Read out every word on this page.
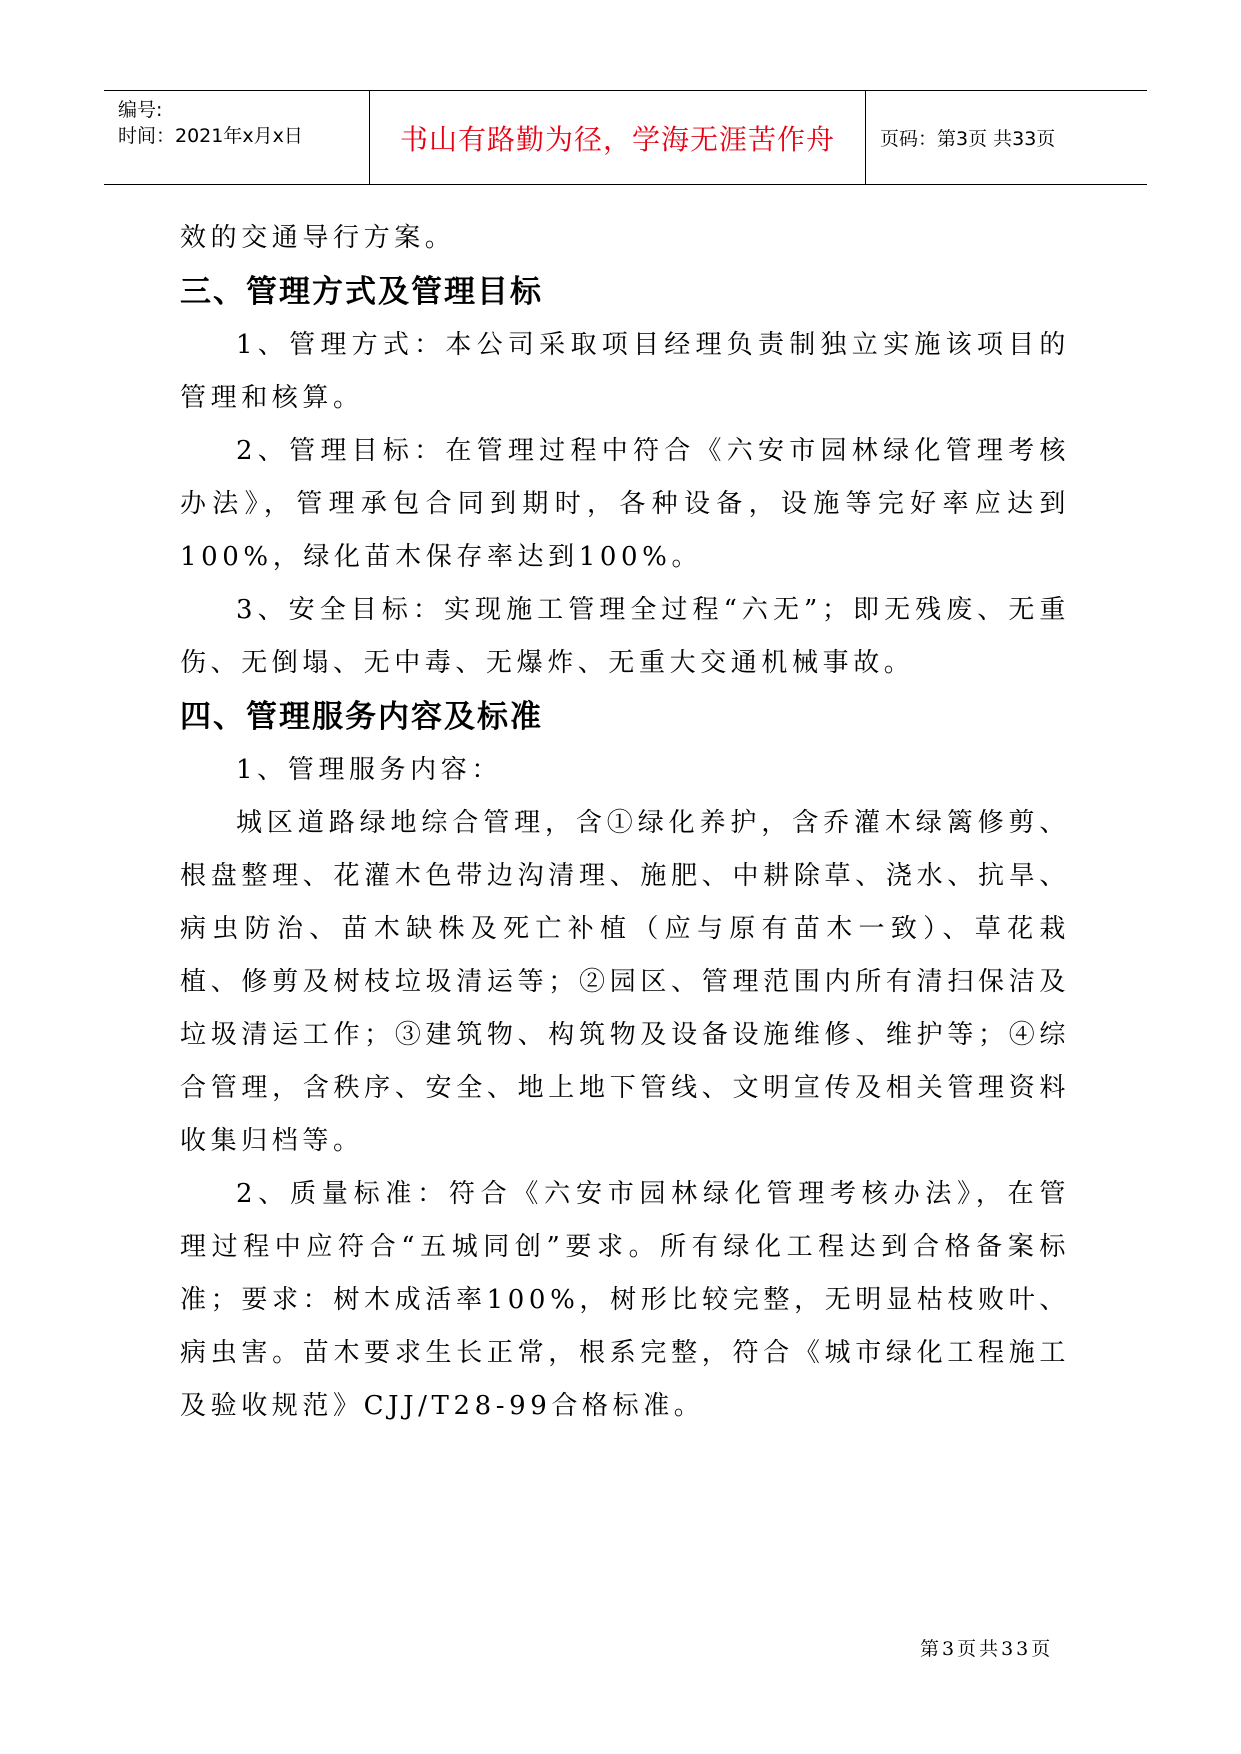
编号:
时间：2021年x月x日	书山有路勤为径，学海无涯苦作舟	页码：第3页 共33页

效的交通导行方案。

三、管理方式及管理目标

1、管理方式：本公司采取项目经理负责制独立实施该项目的管理和核算。

2、管理目标：在管理过程中符合《六安市园林绿化管理考核办法》，管理承包合同到期时，各种设备，设施等完好率应达到100%，绿化苗木保存率达到100%。

3、安全目标：实现施工管理全过程“六无”；即无残废、无重伤、无倒塌、无中毒、无爆炸、无重大交通机械事故。

四、管理服务内容及标准

1、管理服务内容：

城区道路绿地综合管理，含①绿化养护，含乔灌木绿篱修剪、根盘整理、花灌木色带边沟清理、施肥、中耕除草、浇水、抗旱、病虫防治、苗木缺株及死亡补植（应与原有苗木一致）、草花栽植、修剪及树枝垃圾清运等；②园区、管理范围内所有清扫保洁及垃圾清运工作；③建筑物、构筑物及设备设施维修、维护等；④综合管理，含秩序、安全、地上地下管线、文明宣传及相关管理资料收集归档等。

2、质量标准：符合《六安市园林绿化管理考核办法》，在管理过程中应符合“五城同创”要求。所有绿化工程达到合格备案标准；要求：树木成活率100%，树形比较完整，无明显枯枝败叶、病虫害。苗木要求生长正常，根系完整，符合《城市绿化工程施工及验收规范》CJJ/T28-99合格标准。

第3页共33页
